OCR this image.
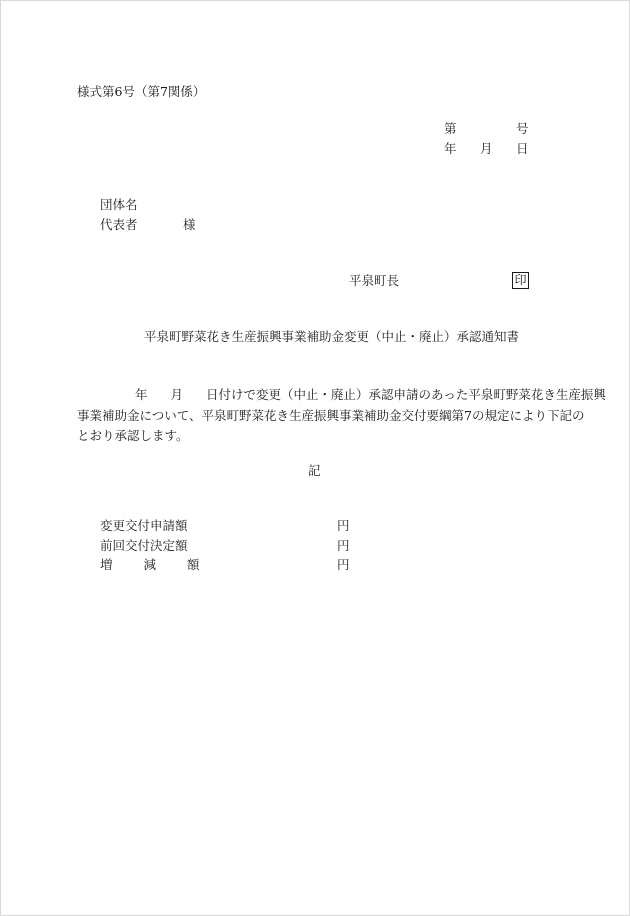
様式第6号（第7関係）
第	号
年 月 日
団体名
代表者	様
平泉町長	印
平泉町野菜花き生産振興事業補助金変更（中止・廃止）承認通知書
年 月 日付けで変更（中止・廃止）承認申請のあった平泉町野菜花き生産振興
事業補助金について、平泉町野菜花き生産振興事業補助金交付要綱第7の規定により下記の
とおり承認します。
記
変更交付申請額	円
前回交付決定額	円
増 減 額	円
